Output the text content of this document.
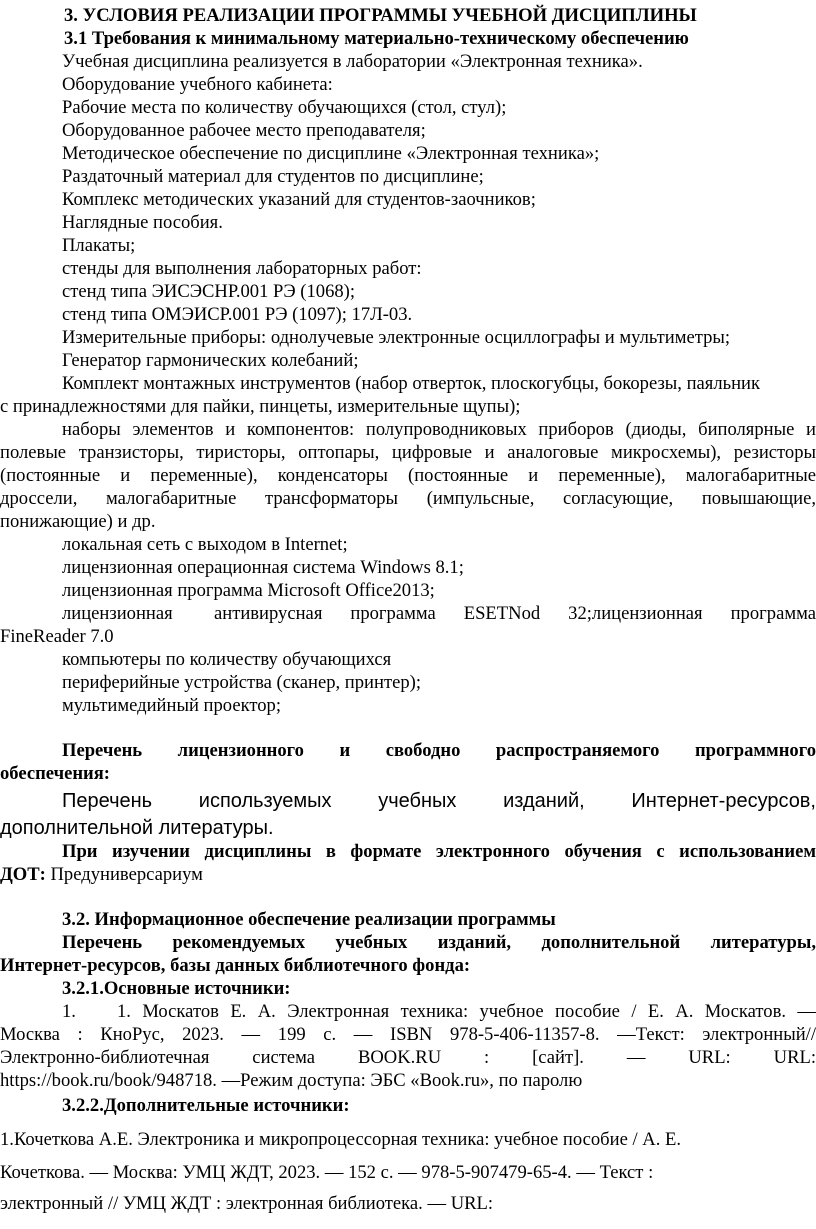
3. УСЛОВИЯ РЕАЛИЗАЦИИ ПРОГРАММЫ УЧЕБНОЙ ДИСЦИПЛИНЫ
3.1 Требования к минимальному материально-техническому обеспечению
Учебная дисциплина реализуется в лаборатории «Электронная техника».
Оборудование учебного кабинета:
Рабочие места по количеству обучающихся (стол, стул);
Оборудованное рабочее место преподавателя;
Методическое обеспечение по дисциплине «Электронная техника»;
Раздаточный материал для студентов по дисциплине;
Комплекс методических указаний для студентов-заочников;
Наглядные пособия.
Плакаты;
стенды для выполнения лабораторных работ:
стенд типа ЭИСЭСНР.001 РЭ (1068);
стенд типа ОМЭИСР.001 РЭ (1097); 17Л-03.
Измерительные приборы: однолучевые электронные осциллографы и мультиметры;
Генератор гармонических колебаний;
Комплект монтажных инструментов (набор отверток, плоскогубцы, бокорезы, паяльник
с принадлежностями для пайки, пинцеты, измерительные щупы);
наборы элементов и компонентов: полупроводниковых приборов (диоды, биполярные и
полевые транзисторы, тиристоры, оптопары, цифровые и аналоговые микросхемы), резисторы
(постоянные и переменные), конденсаторы (постоянные и переменные), малогабаритные
дроссели, малогабаритные трансформаторы (импульсные, согласующие, повышающие,
понижающие) и др.
локальная сеть с выходом в Internet;
лицензионная операционная система Windows 8.1;
лицензионная программа Microsoft Office2013;
лицензионная антивирусная программа ESETNod 32;лицензионная программа
FineReader 7.0
компьютеры по количеству обучающихся
периферийные устройства (сканер, принтер);
мультимедийный проектор;
Перечень лицензионного и свободно распространяемого программного
обеспечения:
Перечень используемых учебных изданий, Интернет-ресурсов,
дополнительной литературы.
При изучении дисциплины в формате электронного обучения с использованием
ДОТ: Предуниверсариум
3.2. Информационное обеспечение реализации программы
Перечень рекомендуемых учебных изданий, дополнительной литературы,
Интернет-ресурсов, базы данных библиотечного фонда:
3.2.1.Основные источники:
1. 1. Москатов Е. А. Электронная техника: учебное пособие / Е. А. Москатов. —
Москва : КноРус, 2023. — 199 с. — ISBN 978-5-406-11357-8. —Текст: электронный//
Электронно-библиотечная система BOOK.RU : [сайт]. — URL: URL:
https://book.ru/book/948718. —Режим доступа: ЭБС «Book.ru», по паролю
3.2.2.Дополнительные источники:
1.Кочеткова А.Е. Электроника и микропроцессорная техника: учебное пособие / А. Е.
Кочеткова. — Москва: УМЦ ЖДТ, 2023. — 152 с. — 978-5-907479-65-4. — Текст :
электронный // УМЦ ЖДТ : электронная библиотека. — URL:
